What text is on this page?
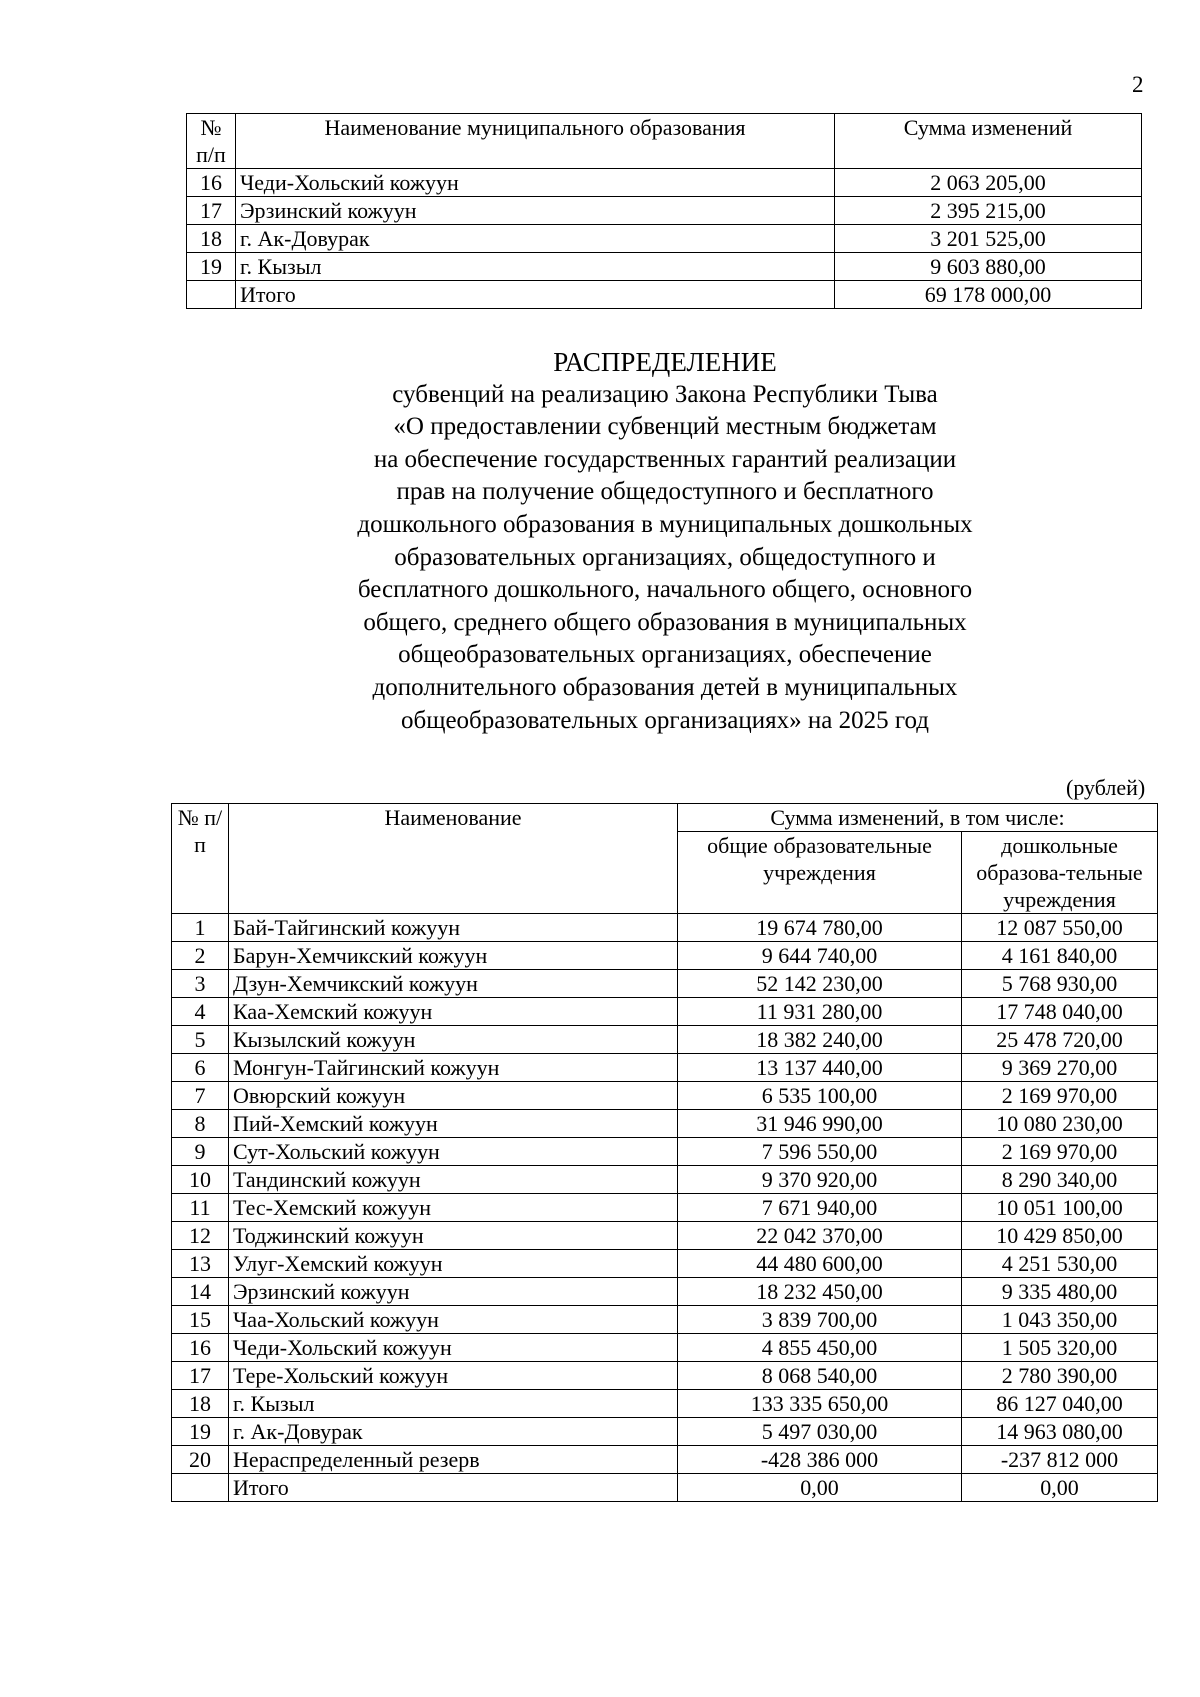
2
№ п/п	Наименование муниципального образования	Сумма изменений
16	Чеди-Хольский кожуун	2 063 205,00
17	Эрзинский кожуун	2 395 215,00
18	г. Ак-Довурак	3 201 525,00
19	г. Кызыл	9 603 880,00
	Итого	69 178 000,00
РАСПРЕДЕЛЕНИЕ
субвенций на реализацию Закона Республики Тыва
«О предоставлении субвенций местным бюджетам
на обеспечение государственных гарантий реализации
прав на получение общедоступного и бесплатного
дошкольного образования в муниципальных дошкольных
образовательных организациях, общедоступного и
бесплатного дошкольного, начального общего, основного
общего, среднего общего образования в муниципальных
общеобразовательных организациях, обеспечение
дополнительного образования детей в муниципальных
общеобразовательных организациях» на 2025 год
(рублей)
№ п/п	Наименование	Сумма изменений, в том числе:	
		общие образовательные учреждения	дошкольные образова-тельные учреждения
1	Бай-Тайгинский кожуун	19 674 780,00	12 087 550,00
2	Барун-Хемчикский кожуун	9 644 740,00	4 161 840,00
3	Дзун-Хемчикский кожуун	52 142 230,00	5 768 930,00
4	Каа-Хемский кожуун	11 931 280,00	17 748 040,00
5	Кызылский кожуун	18 382 240,00	25 478 720,00
6	Монгун-Тайгинский кожуун	13 137 440,00	9 369 270,00
7	Овюрский кожуун	6 535 100,00	2 169 970,00
8	Пий-Хемский кожуун	31 946 990,00	10 080 230,00
9	Сут-Хольский кожуун	7 596 550,00	2 169 970,00
10	Тандинский кожуун	9 370 920,00	8 290 340,00
11	Тес-Хемский кожуун	7 671 940,00	10 051 100,00
12	Тоджинский кожуун	22 042 370,00	10 429 850,00
13	Улуг-Хемский кожуун	44 480 600,00	4 251 530,00
14	Эрзинский кожуун	18 232 450,00	9 335 480,00
15	Чаа-Хольский кожуун	3 839 700,00	1 043 350,00
16	Чеди-Хольский кожуун	4 855 450,00	1 505 320,00
17	Тере-Хольский кожуун	8 068 540,00	2 780 390,00
18	г. Кызыл	133 335 650,00	86 127 040,00
19	г. Ак-Довурак	5 497 030,00	14 963 080,00
20	Нераспределенный резерв	-428 386 000	-237 812 000
	Итого	0,00	0,00
